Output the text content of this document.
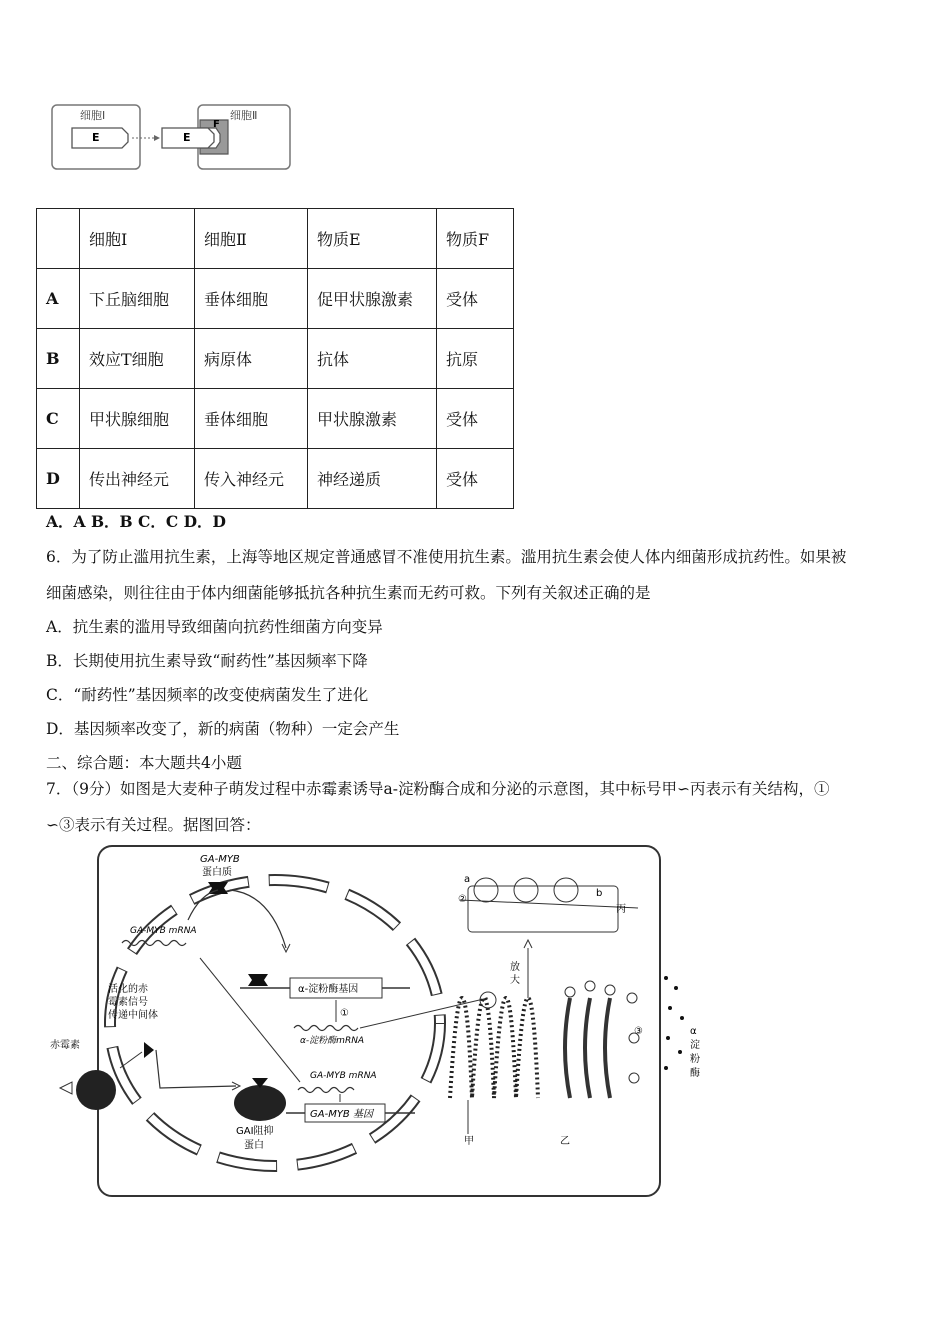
细胞Ⅰ
E
细胞Ⅱ
F
E
	细胞Ⅰ	细胞Ⅱ	物质E	物质F
A	下丘脑细胞	垂体细胞	促甲状腺激素	受体
B	效应T细胞	病原体	抗体	抗原
C	甲状腺细胞	垂体细胞	甲状腺激素	受体
D	传出神经元	传入神经元	神经递质	受体
A．A B．B C．C D．D
6．为了防止滥用抗生素，上海等地区规定普通感冒不准使用抗生素。滥用抗生素会使人体内细菌形成抗药性。如果被
细菌感染，则往往由于体内细菌能够抵抗各种抗生素而无药可救。下列有关叙述正确的是
A．抗生素的滥用导致细菌向抗药性细菌方向变异
B．长期使用抗生素导致“耐药性”基因频率下降
C．“耐药性”基因频率的改变使病菌发生了进化
D．基因频率改变了，新的病菌（物种）一定会产生
二、综合题：本大题共4小题
7．（9分）如图是大麦种子萌发过程中赤霉素诱导a-淀粉酶合成和分泌的示意图，其中标号甲∽丙表示有关结构，①
∽③表示有关过程。据图回答：
GA-MYB
蛋白质
GA-MYB mRNA
α-淀粉酶基因
①
α-淀粉酶mRNA
活化的赤
霉素信号
传递中间体
赤霉素
GAI阻抑
蛋白
GA-MYB mRNA
GA-MYB 基因
a
b
②
丙
放
大
甲	乙
③	α
淀
粉
酶
